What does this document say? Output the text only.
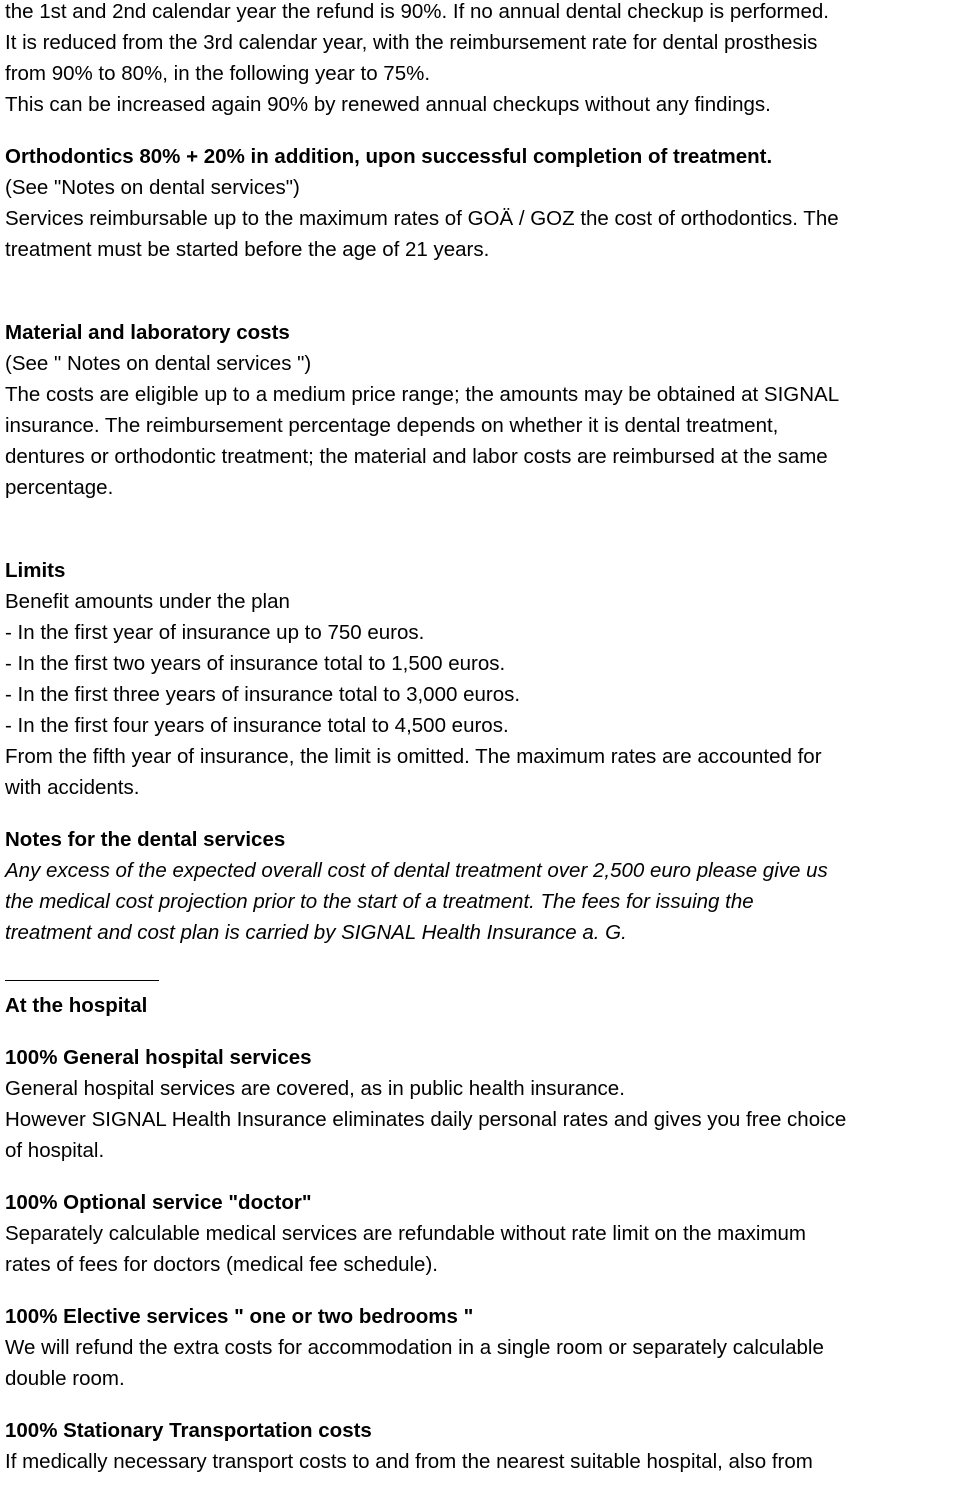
the 1st and 2nd calendar year the refund is 90%. If no annual dental checkup is performed.
It is reduced from the 3rd calendar year, with the reimbursement rate for dental prosthesis
from 90% to 80%, in the following year to 75%.
This can be increased again 90% by renewed annual checkups without any findings.
Orthodontics 80% + 20% in addition, upon successful completion of treatment.
(See "Notes on dental services")
Services reimbursable up to the maximum rates of GOÄ / GOZ the cost of orthodontics. The
treatment must be started before the age of 21 years.
Material and laboratory costs
(See " Notes on dental services ")
The costs are eligible up to a medium price range; the amounts may be obtained at SIGNAL
insurance. The reimbursement percentage depends on whether it is dental treatment,
dentures or orthodontic treatment; the material and labor costs are reimbursed at the same
percentage.
Limits
Benefit amounts under the plan
- In the first year of insurance up to 750 euros.
- In the first two years of insurance total to 1,500 euros.
- In the first three years of insurance total to 3,000 euros.
- In the first four years of insurance total to 4,500 euros.
From the fifth year of insurance, the limit is omitted. The maximum rates are accounted for
with accidents.
Notes for the dental services
Any excess of the expected overall cost of dental treatment over 2,500 euro please give us
the medical cost projection prior to the start of a treatment. The fees for issuing the
treatment and cost plan is carried by SIGNAL Health Insurance a. G.
At the hospital
100% General hospital services
General hospital services are covered, as in public health insurance.
However SIGNAL Health Insurance eliminates daily personal rates and gives you free choice
of hospital.
100% Optional service "doctor"
Separately calculable medical services are refundable without rate limit on the maximum
rates of fees for doctors (medical fee schedule).
100% Elective services " one or two bedrooms "
We will refund the extra costs for accommodation in a single room or separately calculable
double room.
100% Stationary Transportation costs
If medically necessary transport costs to and from the nearest suitable hospital, also from
